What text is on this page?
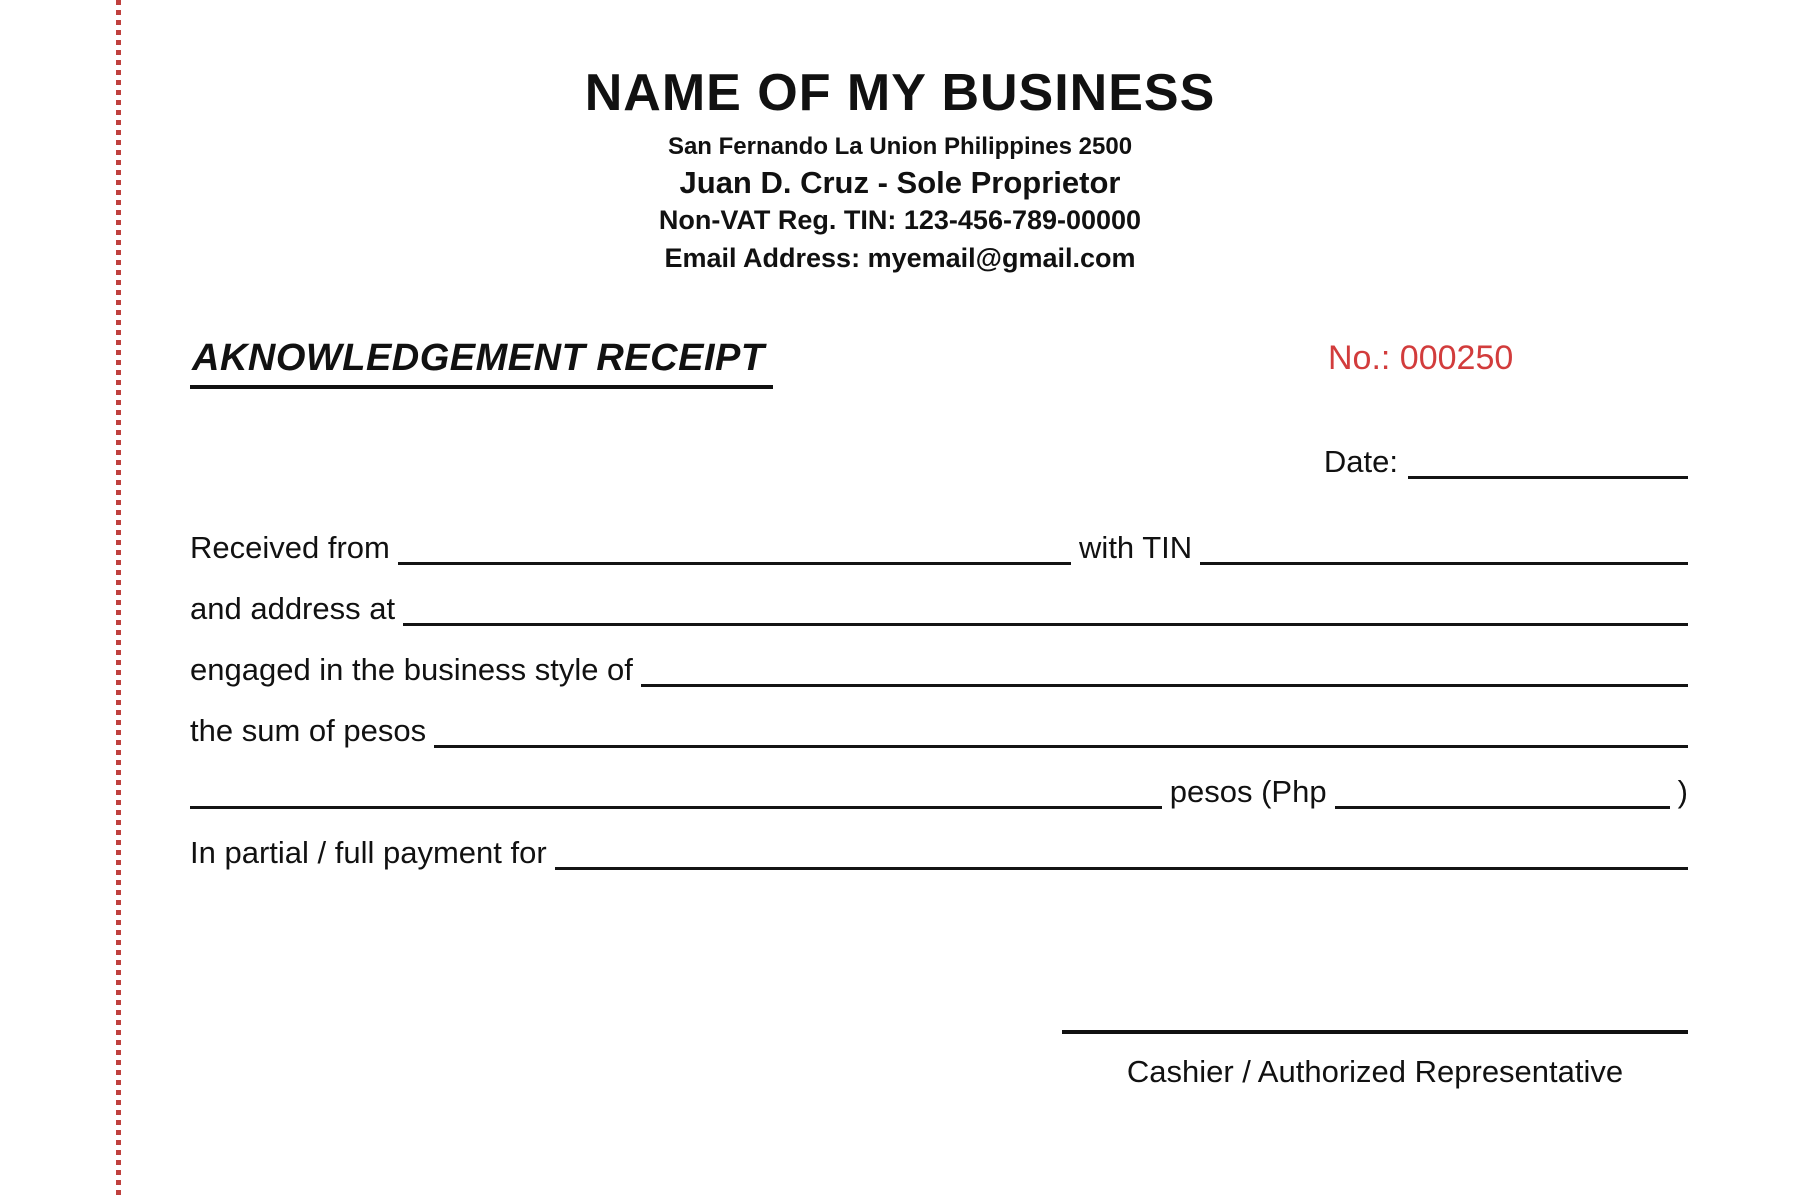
NAME OF MY BUSINESS
San Fernando La Union Philippines 2500
Juan D. Cruz - Sole Proprietor
Non-VAT Reg. TIN: 123-456-789-00000
Email Address: myemail@gmail.com
AKNOWLEDGEMENT RECEIPT	No.: 000250
Date:
Received from	with TIN
and address at
engaged in the business style of
the sum of pesos
pesos (Php	)
In partial / full payment for
Cashier / Authorized Representative
